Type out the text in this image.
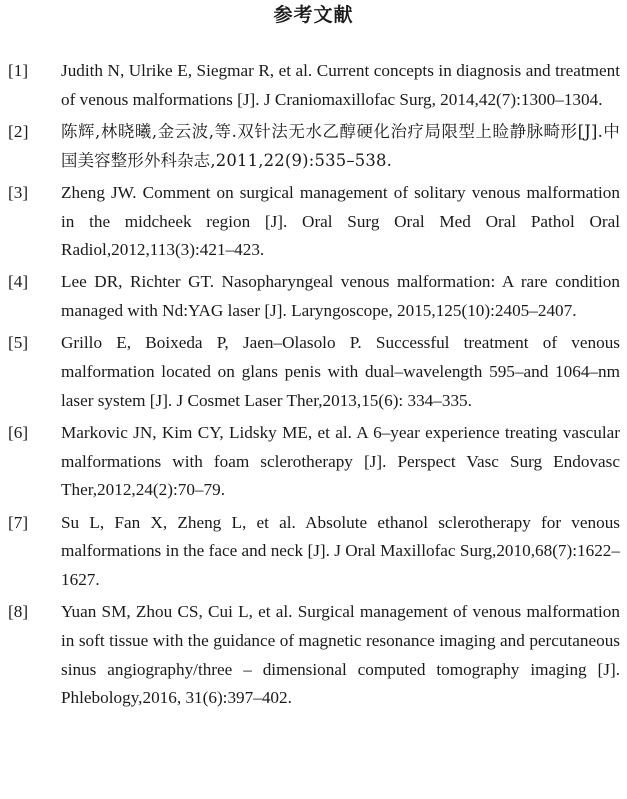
参考文献
[1] Judith N, Ulrike E, Siegmar R, et al. Current concepts in diagnosis and treatment of venous malformations [J]. J Craniomaxillofac Surg, 2014,42(7):1300–1304.
[2] 陈辉,林晓曦,金云波,等.双针法无水乙醇硬化治疗局限型上睑静脉畸形[J].中国美容整形外科杂志,2011,22(9):535–538.
[3] Zheng JW. Comment on surgical management of solitary venous malformation in the midcheek region [J]. Oral Surg Oral Med Oral Pathol Oral Radiol,2012,113(3):421–423.
[4] Lee DR, Richter GT. Nasopharyngeal venous malformation: A rare condition managed with Nd:YAG laser [J]. Laryngoscope, 2015,125(10):2405–2407.
[5] Grillo E, Boixeda P, Jaen–Olasolo P. Successful treatment of venous malformation located on glans penis with dual–wavelength 595–and 1064–nm laser system [J]. J Cosmet Laser Ther,2013,15(6): 334–335.
[6] Markovic JN, Kim CY, Lidsky ME, et al. A 6–year experience treating vascular malformations with foam sclerotherapy [J]. Perspect Vasc Surg Endovasc Ther,2012,24(2):70–79.
[7] Su L, Fan X, Zheng L, et al. Absolute ethanol sclerotherapy for venous malformations in the face and neck [J]. J Oral Maxillofac Surg,2010,68(7):1622–1627.
[8] Yuan SM, Zhou CS, Cui L, et al. Surgical management of venous malformation in soft tissue with the guidance of magnetic resonance imaging and percutaneous sinus angiography/three – dimensional computed tomography imaging [J]. Phlebology,2016, 31(6):397–402.
